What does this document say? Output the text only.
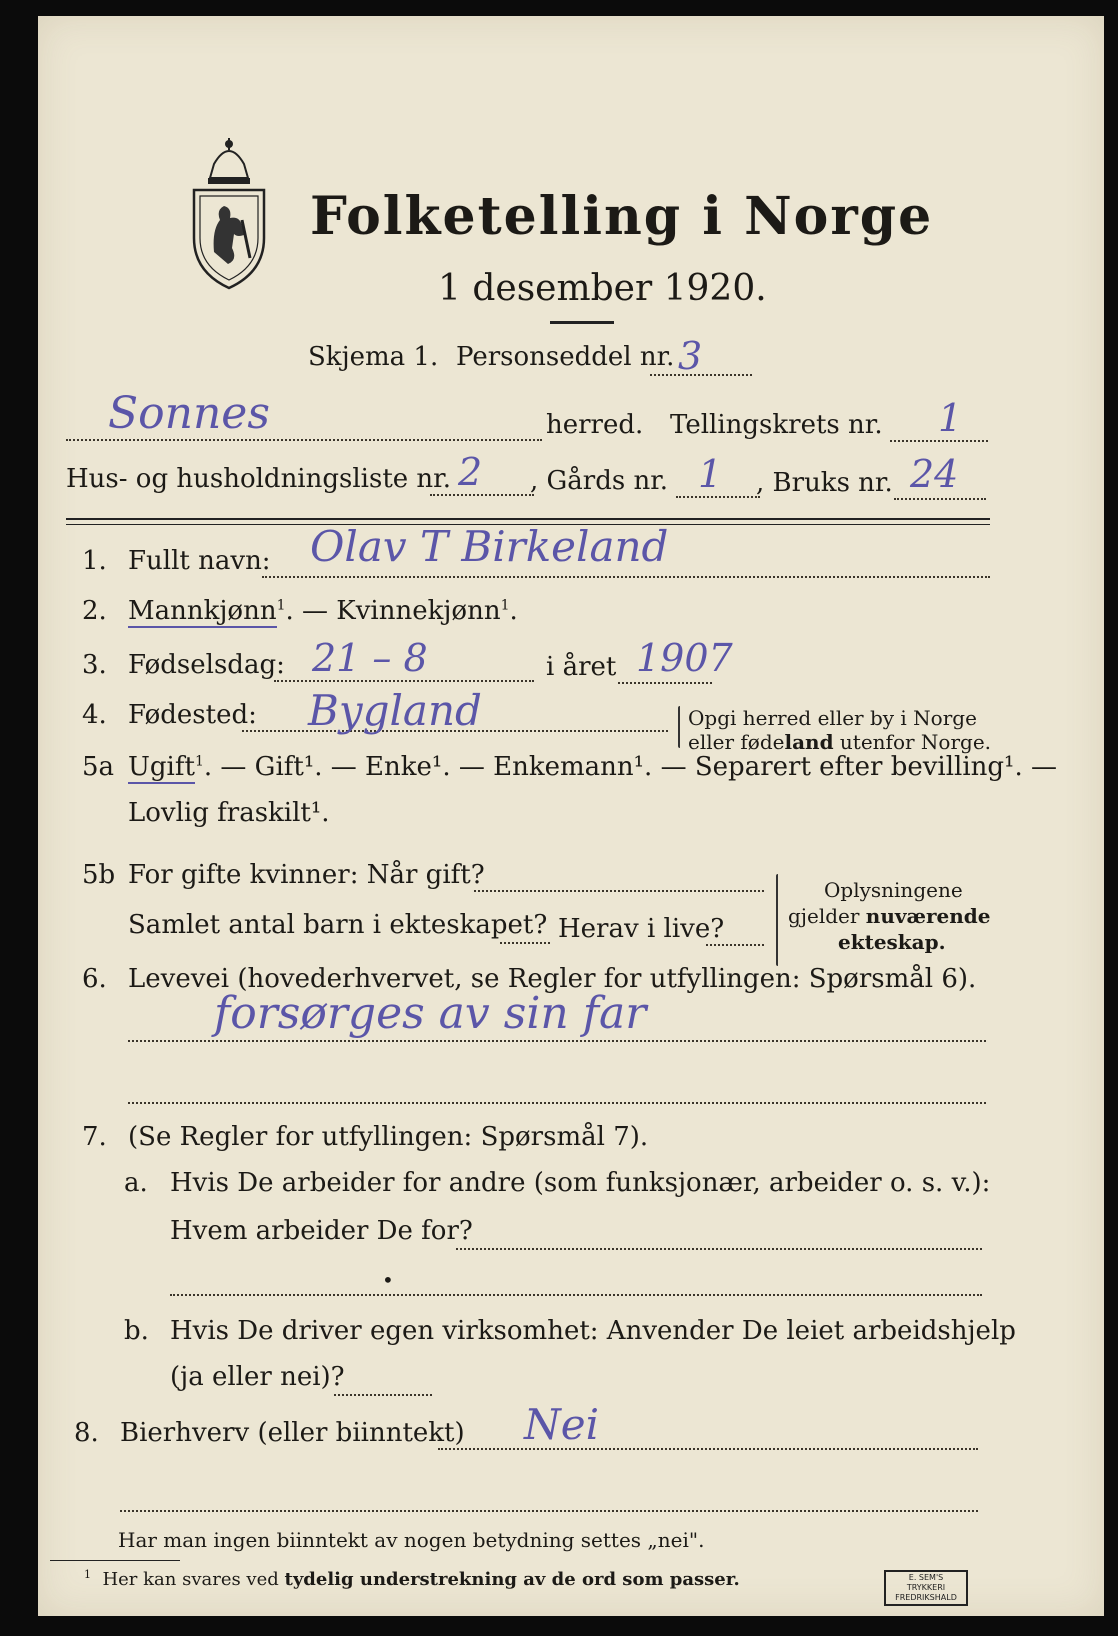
Folketelling i Norge
1 desember 1920.
Skjema 1. Personseddel nr. 3
Sonnes	herred. Tellingskrets nr. 1
Hus- og husholdningsliste nr. 2 , Gårds nr. 1 , Bruks nr. 24
1. Fullt navn: Olav T Birkeland
2. Mannkjønn$^1$. — Kvinnekjønn$^1$.
3. Fødselsdag: 21 – 8	i året 1907
4. Fødested: Bygland	Opgi herred eller by i Norge
eller fødeland utenfor Norge.
5a Ugift$^1$. — Gift¹. — Enke¹. — Enkemann¹. — Separert efter bevilling¹. —
Lovlig fraskilt¹.
5b For gifte kvinner: Når gift?
Samlet antal barn i ekteskapet? Herav i live?
Oplysningene
gjelder nuværende
ekteskap.
6. Levevei (hovederhvervet, se Regler for utfyllingen: Spørsmål 6).
forsørges av sin far
7. (Se Regler for utfyllingen: Spørsmål 7).
a. Hvis De arbeider for andre (som funksjonær, arbeider o. s. v.):
Hvem arbeider De for?
•
b. Hvis De driver egen virksomhet: Anvender De leiet arbeidshjelp
(ja eller nei)?
8. Bierhverv (eller biinntekt) Nei
Har man ingen biinntekt av nogen betydning settes „nei".
$^1$ Her kan svares ved tydelig understrekning av de ord som passer.	E. SEM'S TRYKKERI FREDRIKSHALD
